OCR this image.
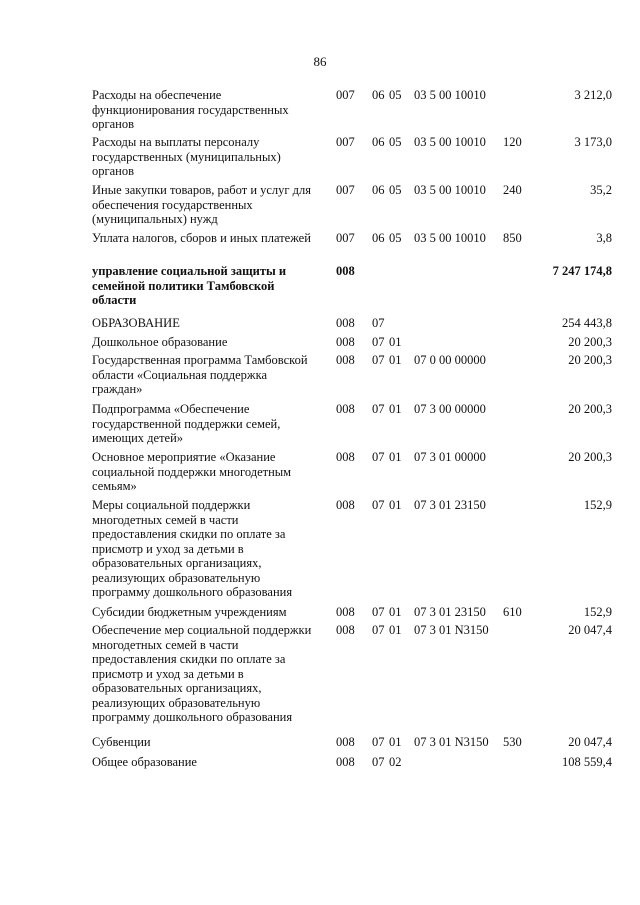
86
Расходы на обеспечение функционирования государственных органов
007 06 05 03 5 00 10010	3 212,0
Расходы на выплаты персоналу государственных (муниципальных) органов
007 06 05 03 5 00 10010 120	3 173,0
Иные закупки товаров, работ и услуг для обеспечения государственных (муниципальных) нужд
007 06 05 03 5 00 10010 240	35,2
Уплата налогов, сборов и иных платежей	007 06 05 03 5 00 10010 850	3,8
управление социальной защиты и семейной политики Тамбовской области
008	7 247 174,8
ОБРАЗОВАНИЕ	008 07	254 443,8
Дошкольное образование	008 07 01	20 200,3
Государственная программа Тамбовской области «Социальная поддержка граждан»
008 07 01 07 0 00 00000	20 200,3
Подпрограмма «Обеспечение государственной поддержки семей, имеющих детей»
008 07 01 07 3 00 00000	20 200,3
Основное мероприятие «Оказание социальной поддержки многодетным семьям»
008 07 01 07 3 01 00000	20 200,3
Меры социальной поддержки многодетных семей в части предоставления скидки по оплате за присмотр и уход за детьми в образовательных организациях, реализующих образовательную программу дошкольного образования
008 07 01 07 3 01 23150	152,9
Субсидии бюджетным учреждениям	008 07 01 07 3 01 23150 610	152,9
Обеспечение мер социальной поддержки многодетных семей в части предоставления скидки по оплате за присмотр и уход за детьми в образовательных организациях, реализующих образовательную программу дошкольного образования
008 07 01 07 3 01 N3150	20 047,4
Субвенции	008 07 01 07 3 01 N3150 530	20 047,4
Общее образование	008 07 02	108 559,4
